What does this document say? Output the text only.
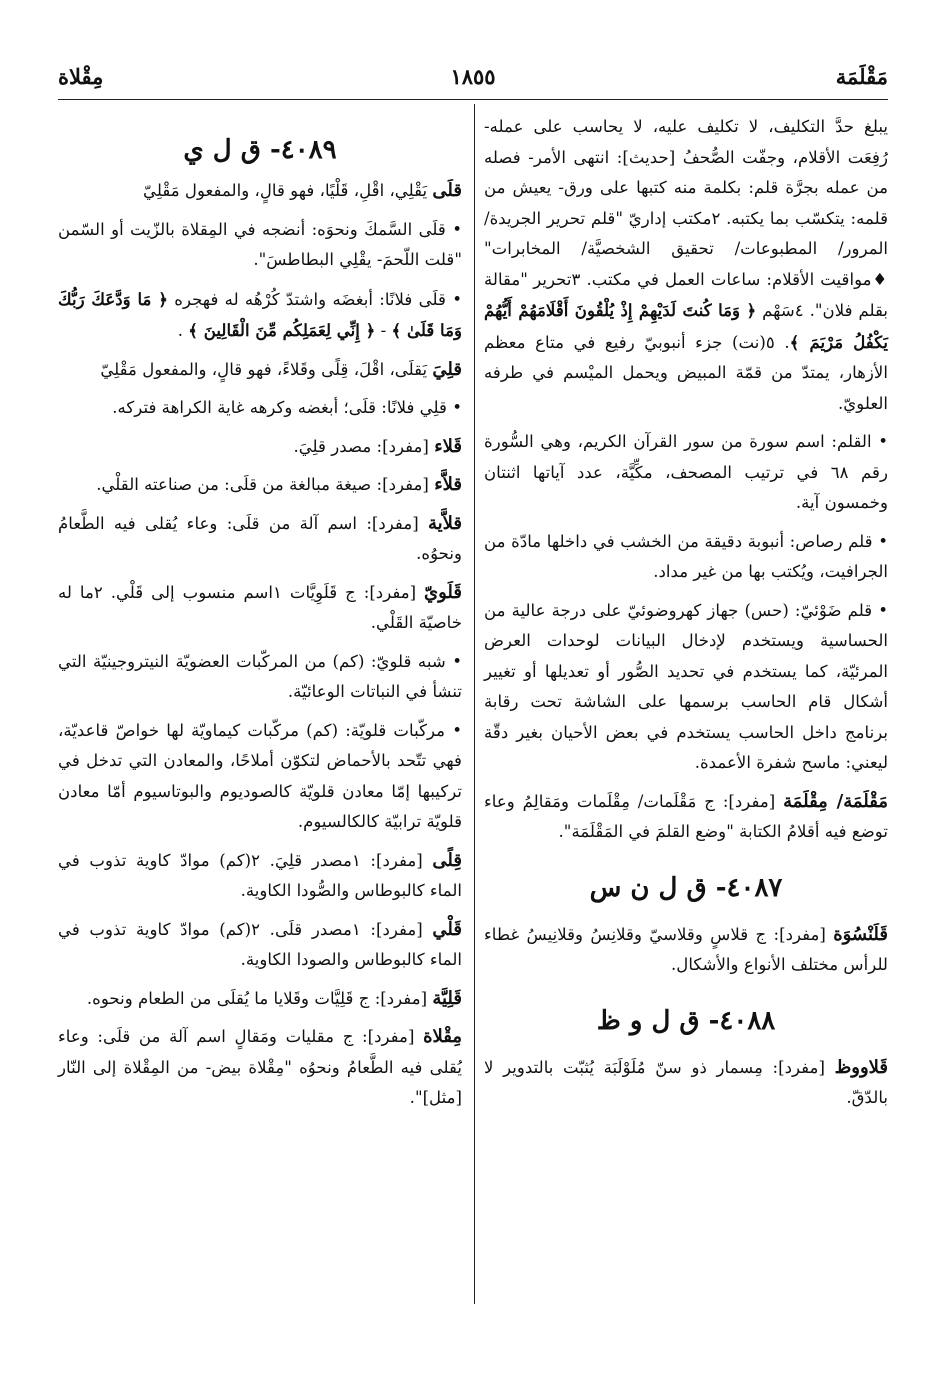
مَقْلَمَة
١٨٥٥
مِقْلاة

يبلغ حدَّ التكليف، لا تكليف عليه، لا يحاسب على عمله- رُفِعَت الأقلام، وجفّت الصُّحفُ [حديث]: انتهى الأمر- فصله من عمله بجرَّة قلم: بكلمة منه كتبها على ورق- يعيش من قلمه: يتكسّب بما يكتبه. ٢مكتب إداريّ "قلم تحرير الجريدة/ المرور/ المطبوعات/ تحقيق الشخصيَّة/ المخابرات" ♦مواقيت الأقلام: ساعات العمل في مكتب. ٣تحرير "مقالة بقلم فلان". ٤سَهْم ﴿ وَمَا كُنتَ لَدَيْهِمْ إِذْ يُلْقُونَ أَقْلَامَهُمْ أَيُّهُمْ يَكْفُلُ مَرْيَمَ ﴾. ٥(نت) جزء أنبوبيّ رفيع في متاع معظم الأزهار، يمتدّ من قمّة المبيض ويحمل الميْسم في طرفه العلويّ.

• القلم: اسم سورة من سور القرآن الكريم، وهي السُّورة رقم ٦٨ في ترتيب المصحف، مكِّيَّة، عدد آياتها اثنتان وخمسون آية.

• قلم رصاص: أنبوبة دقيقة من الخشب في داخلها مادّة من الجرافيت، ويُكتب بها من غير مداد.

• قلم ضَوْئيّ: (حس) جهاز كهروضوئيّ على درجة عالية من الحساسية ويستخدم لإدخال البيانات لوحدات العرض المرئيّة، كما يستخدم في تحديد الصُّور أو تعديلها أو تغيير أشكال قام الحاسب برسمها على الشاشة تحت رقابة برنامج داخل الحاسب يستخدم في بعض الأحيان بغير دقّة ليعني: ماسح شفرة الأعمدة.

مَقْلَمَة/ مِقْلَمَة [مفرد]: ج مَقْلَمات/ مِقْلَمات ومَقالِمُ وعاء توضع فيه أقلامُ الكتابة "وضع القلمَ في المَقْلَمَة".

٤٠٨٧- ق ل ن س

قَلَنْسُوَة [مفرد]: ج قلاسٍ وقلاسيّ وقلانِسُ وقلانِيسُ غطاء للرأس مختلف الأنواع والأشكال.

٤٠٨٨- ق ل و ظ

قَلاووظ [مفرد]: مِسمار ذو سنّ مُلَوْلَبَة يُثبّت بالتدوير لا بالدّقّ.

٤٠٨٩- ق ل ي

قلَى يَقْلِي، اقْلِ، قَلْيًا، فهو قالٍ، والمفعول مَقْلِيّ

• قلَى السَّمكَ ونحوَه: أنضجه في المِقلاة بالزّيت أو السّمن "قلت اللّحمَ- يقْلِي البطاطسَ".

• قلَى فلانًا: أبغضَه واشتدّ كُرْهُه له فهجره ﴿ مَا وَدَّعَكَ رَبُّكَ وَمَا قَلَىٰ ﴾ - ﴿ إِنِّي لِعَمَلِكُم مِّنَ الْقَالِينَ ﴾ .

قلِيَ يَقلَى، اقْلَ، قِلًى وقَلاءً، فهو قالٍ، والمفعول مَقْلِيّ

• قلِي فلانًا: قلَى؛ أبغضه وكرهه غاية الكراهة فتركه.

قَلاء [مفرد]: مصدر قلِيَ.

قلاَّء [مفرد]: صيغة مبالغة من قلَى: من صناعته القلْي.

قلاَّية [مفرد]: اسم آلة من قلَى: وعاء يُقلى فيه الطَّعامُ ونحوُه.

قَلَويّ [مفرد]: ج قَلَوِيَّات ١اسم منسوب إلى قَلْي. ٢ما له خاصيّة القَلْي.

• شبه قلويّ: (كم) من المركّبات العضويّة النيتروجينيّة التي تنشأ في النباتات الوعائيّة.

• مركّبات قلويّة: (كم) مركّبات كيماويّة لها خواصّ قاعديّة، فهي تتّحد بالأحماض لتكوّن أملاحًا، والمعادن التي تدخل في تركيبها إمّا معادن قلويّة كالصوديوم والبوتاسيوم أمّا معادن قلويّة ترابيّة كالكالسيوم.

قِلًى [مفرد]: ١مصدر قلِيَ. ٢(كم) موادّ كاوية تذوب في الماء كالبوطاس والصُّودا الكاوية.

قَلْي [مفرد]: ١مصدر قلَى. ٢(كم) موادّ كاوية تذوب في الماء كالبوطاس والصودا الكاوية.

قَلِيَّة [مفرد]: ج قَلِيَّات وقَلايا ما يُقلَى من الطعام ونحوه.

مِقْلاة [مفرد]: ج مقليات ومَقالٍ اسم آلة من قلَى: وعاء يُقلى فيه الطَّعامُ ونحوُه "مِقْلاة بيض- من المِقْلاة إلى النّار [مثل]".
